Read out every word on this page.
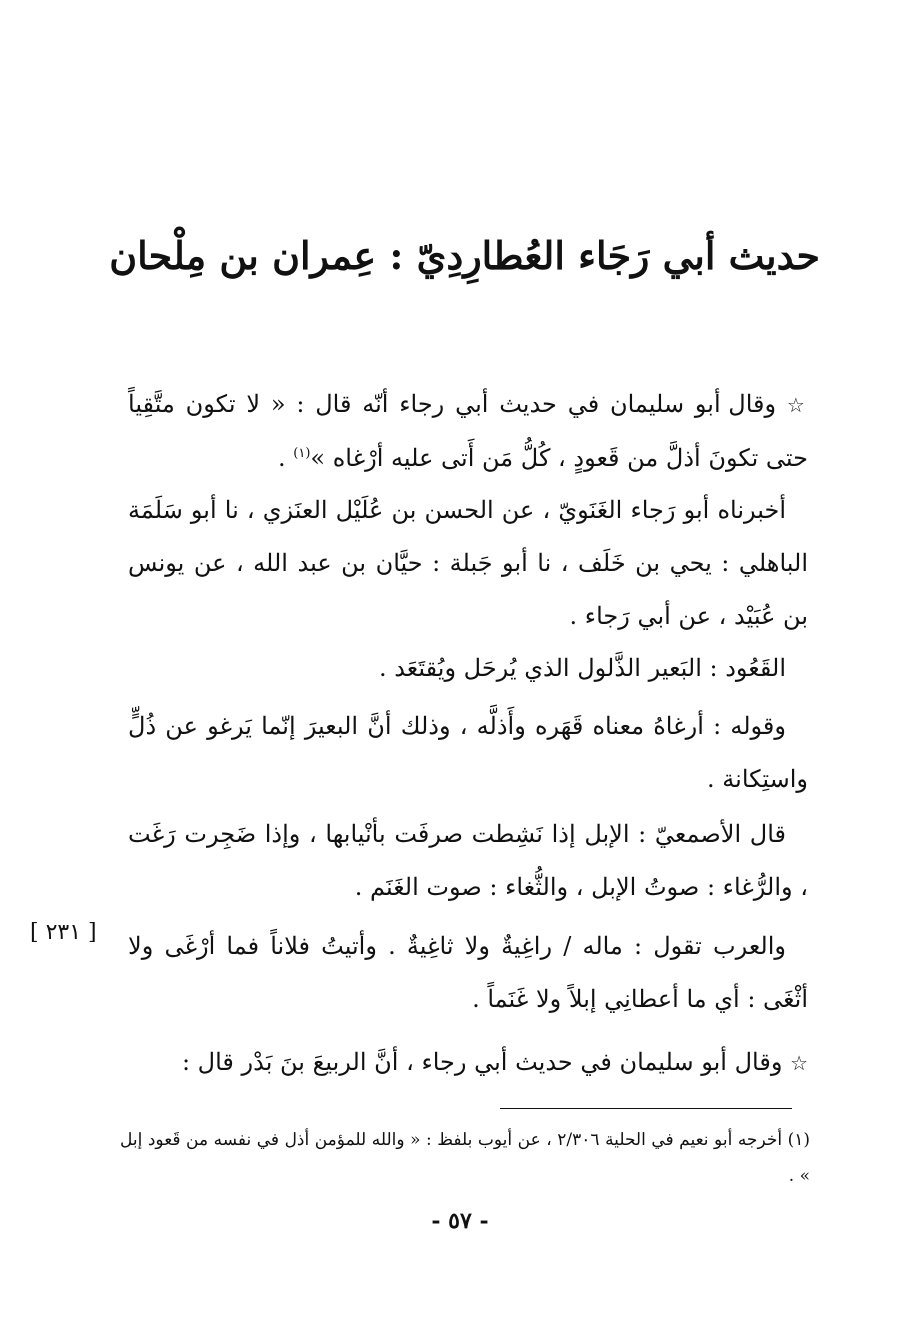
حديث أبي رَجَاء العُطارِدِيّ : عِمران بن مِلْحان
☆ وقال أبو سليمان في حديث أبي رجاء أنّه قال : « لا تكون متَّقِياً حتى تكونَ أذلَّ من قَعودٍ ، كُلُّ مَن أَتى عليه أرْغاه »$^{(١)}$ .
أخبرناه أبو رَجاء الغَنَويّ ، عن الحسن بن عُلَيْل العنَزي ، نا أبو سَلَمَة الباهلي : يحي بن خَلَف ، نا أبو جَبلة : حيَّان بن عبد الله ، عن يونس بن عُبَيْد ، عن أبي رَجاء .
القَعُود : البَعير الذَّلول الذي يُرحَل ويُقتَعَد .
وقوله : أرغاهُ معناه قَهَره وأَذلَّه ، وذلك أنَّ البعيرَ إنّما يَرغو عن ذُلٍّ واستِكانة .
قال الأصمعيّ : الإبل إذا نَشِطت صرفَت بأنْيابها ، وإذا ضَجِرت رَغَت ، والرُّغاء : صوتُ الإبل ، والثُّغاء : صوت الغَنَم .
والعرب تقول : ماله / راغِيةٌ ولا ثاغِيةٌ . وأتيتُ فلاناً فما أرْغَى ولا أثْغَى : أي ما أعطانِي إبلاً ولا غَنَماً .
[ ٢٣١ ]
☆ وقال أبو سليمان في حديث أبي رجاء ، أنَّ الربيعَ بنَ بَدْر قال :
(١) أخرجه أبو نعيم في الحلية ٢/٣٠٦ ، عن أيوب بلفظ : « والله للمؤمن أذل في نفسه من قَعود إبل » .
- ٥٧ -
